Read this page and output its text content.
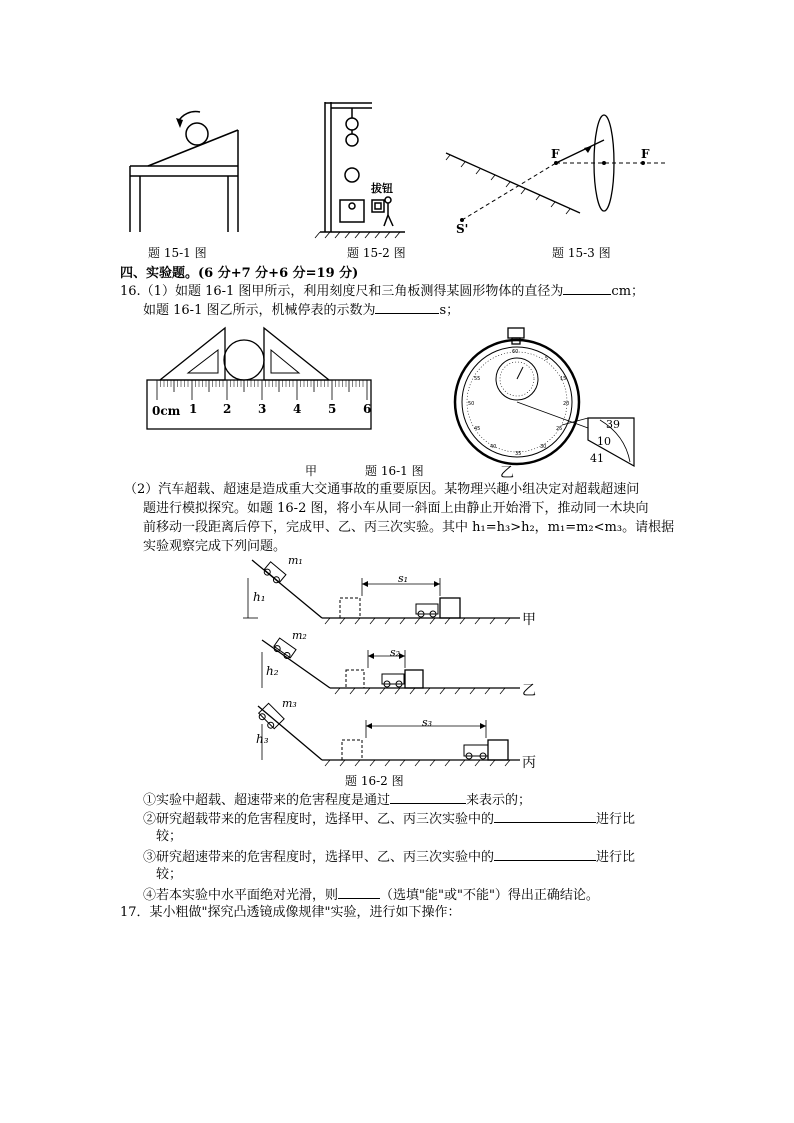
拔钮
F	F
S'
题 15-1 图	题 15-2 图	题 15-3 图
四、实验题。(6 分+7 分+6 分=19 分)
16.（1）如题 16-1 图甲所示，利用刻度尺和三角板测得某圆形物体的直径为	cm；
如题 16-1 图乙所示，机械停表的示数为	s；
0cm 1 2 3 4 5 6
60
5
15
20
25
30
35
40
45
50
55
39
10
41
甲	题 16-1 图	乙
（2）汽车超载、超速是造成重大交通事故的重要原因。某物理兴趣小组决定对超载超速问
题进行模拟探究。如题 16-2 图，将小车从同一斜面上由静止开始滑下，推动同一木块向
前移动一段距离后停下，完成甲、乙、丙三次实验。其中 h₁=h₃>h₂，m₁=m₂<m₃。请根据
实验观察完成下列问题。
m₁
h₁
s₁
甲
m₂
h₂
s₂
乙
m₃
h₃
s₃
丙
题 16-2 图
①实验中超载、超速带来的危害程度是通过	来表示的；
②研究超载带来的危害程度时，选择甲、乙、丙三次实验中的	进行比
较；
③研究超速带来的危害程度时，选择甲、乙、丙三次实验中的	进行比
较；
④若本实验中水平面绝对光滑，则	（选填"能"或"不能"）得出正确结论。
17．某小粗做"探究凸透镜成像规律"实验，进行如下操作：
